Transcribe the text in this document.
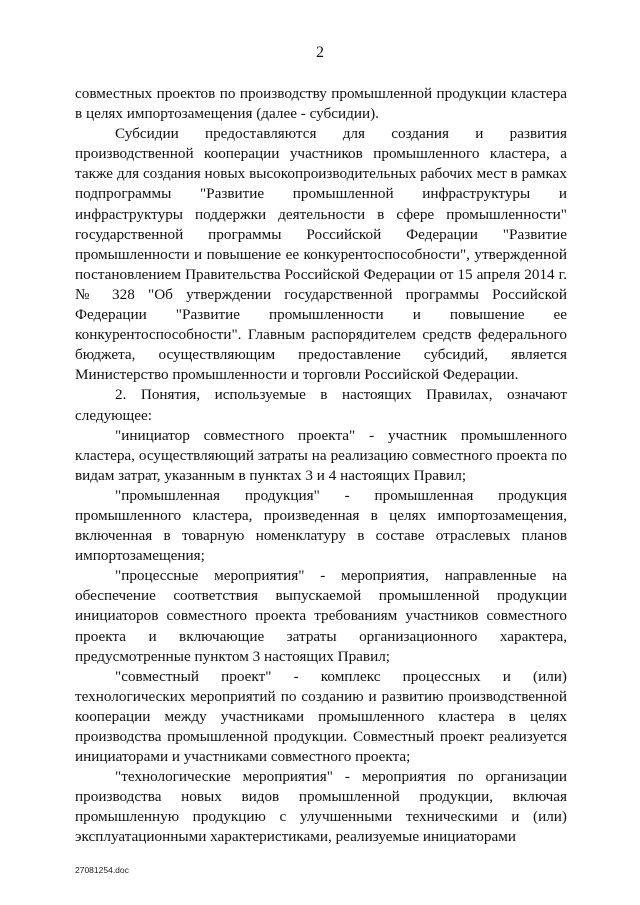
2

совместных проектов по производству промышленной продукции кластера в целях импортозамещения (далее - субсидии).

Субсидии предоставляются для создания и развития производственной кооперации участников промышленного кластера, а также для создания новых высокопроизводительных рабочих мест в рамках подпрограммы "Развитие промышленной инфраструктуры и инфраструктуры поддержки деятельности в сфере промышленности" государственной программы Российской Федерации "Развитие промышленности и повышение ее конкурентоспособности", утвержденной постановлением Правительства Российской Федерации от 15 апреля 2014 г. № 328 "Об утверждении государственной программы Российской Федерации "Развитие промышленности и повышение ее конкурентоспособности". Главным распорядителем средств федерального бюджета, осуществляющим предоставление субсидий, является Министерство промышленности и торговли Российской Федерации.

2. Понятия, используемые в настоящих Правилах, означают следующее:

"инициатор совместного проекта" - участник промышленного кластера, осуществляющий затраты на реализацию совместного проекта по видам затрат, указанным в пунктах 3 и 4 настоящих Правил;

"промышленная продукция" - промышленная продукция промышленного кластера, произведенная в целях импортозамещения, включенная в товарную номенклатуру в составе отраслевых планов импортозамещения;

"процессные мероприятия" - мероприятия, направленные на обеспечение соответствия выпускаемой промышленной продукции инициаторов совместного проекта требованиям участников совместного проекта и включающие затраты организационного характера, предусмотренные пунктом 3 настоящих Правил;

"совместный проект" - комплекс процессных и (или) технологических мероприятий по созданию и развитию производственной кооперации между участниками промышленного кластера в целях производства промышленной продукции. Совместный проект реализуется инициаторами и участниками совместного проекта;

"технологические мероприятия" - мероприятия по организации производства новых видов промышленной продукции, включая промышленную продукцию с улучшенными техническими и (или) эксплуатационными характеристиками, реализуемые инициаторами

27081254.doc
